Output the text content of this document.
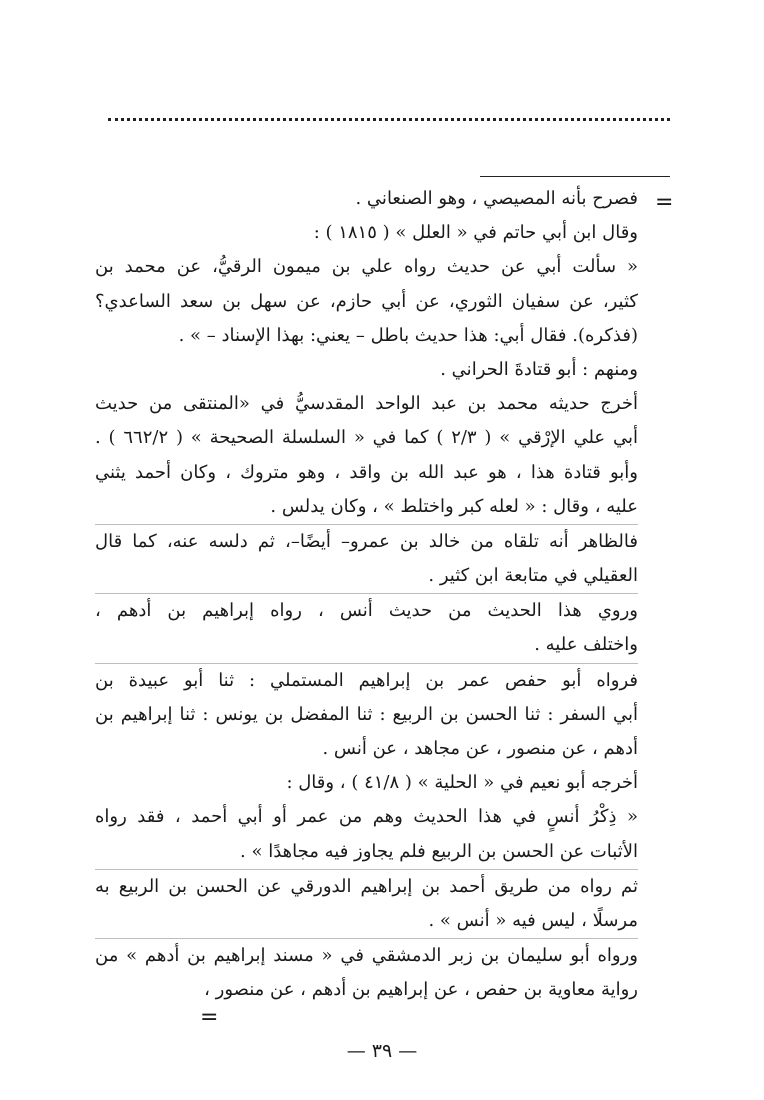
=
=
فصرح بأنه المصيصي ، وهو الصنعاني .
وقال ابن أبي حاتم في « العلل » ( ١٨١٥ ) :
« سألت أبي عن حديث رواه علي بن ميمون الرقيُّ، عن محمد بن
كثير، عن سفيان الثوري، عن أبي حازم، عن سهل بن سعد الساعدي؟
(فذكره). فقال أبي: هذا حديث باطل – يعني: بهذا الإسناد – » .
ومنهم : أبو قتادةَ الحراني .
أخرج حديثه محمد بن عبد الواحد المقدسيُّ في «المنتقى من حديث
أبي علي الإرْقي » ( ٢/٣ ) كما في « السلسلة الصحيحة » ( ٦٦٢/٢ ) .
وأبو قتادة هذا ، هو عبد الله بن واقد ، وهو متروك ، وكان أحمد يثني
عليه ، وقال : « لعله كبر واختلط » ، وكان يدلس .
فالظاهر أنه تلقاه من خالد بن عمرو– أيضًا–، ثم دلسه عنه، كما قال
العقيلي في متابعة ابن كثير .
وروي هذا الحديث من حديث أنس ، رواه إبراهيم بن أدهم ،
واختلف عليه .
فرواه أبو حفص عمر بن إبراهيم المستملي : ثنا أبو عبيدة بن
أبي السفر : ثنا الحسن بن الربيع : ثنا المفضل بن يونس : ثنا إبراهيم بن
أدهم ، عن منصور ، عن مجاهد ، عن أنس .
أخرجه أبو نعيم في « الحلية » ( ٤١/٨ ) ، وقال :
« ذِكْرُ أنسٍ في هذا الحديث وهم من عمر أو أبي أحمد ، فقد رواه
الأثبات عن الحسن بن الربيع فلم يجاوز فيه مجاهدًا » .
ثم رواه من طريق أحمد بن إبراهيم الدورقي عن الحسن بن الربيع به
مرسلًا ، ليس فيه « أنس » .
ورواه أبو سليمان بن زبر الدمشقي في « مسند إبراهيم بن أدهم » من
رواية معاوية بن حفص ، عن إبراهيم بن أدهم ، عن منصور ،
— ٣٩ —
